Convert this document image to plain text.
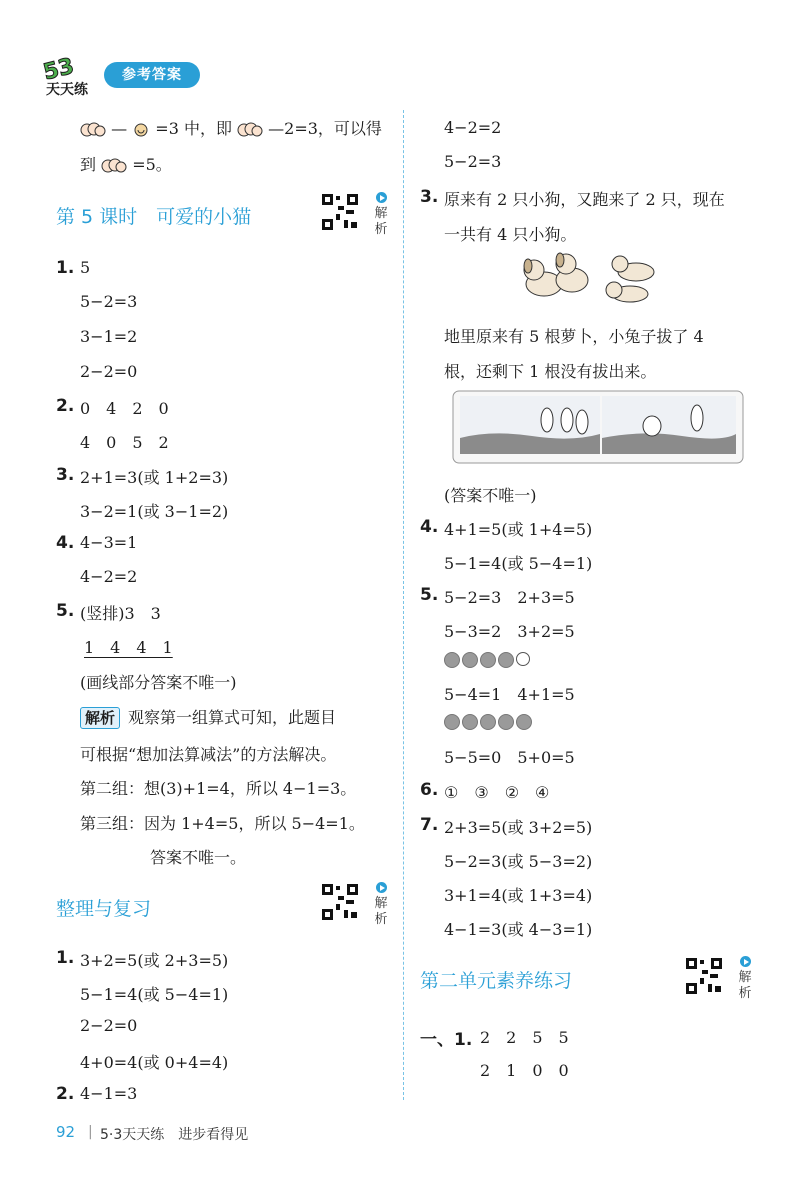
53
天天练
参考答案
— =3 中，即 —2=3，可以得
到 =5。
第 5 课时　可爱的小猫	解析
1. 5
5−2=3
3−1=2
2−2=0
2. 0　4　2　0
4　0　5　2
3. 2+1=3(或 1+2=3)
3−2=1(或 3−1=2)
4. 4−3=1
4−2=2
5. (竖排)3　3
1　4　4　1
(画线部分答案不唯一)
解析 观察第一组算式可知，此题目
可根据“想加法算减法”的方法解决。
第二组：想(3)+1=4，所以 4−1=3。
第三组：因为 1+4=5，所以 5−4=1。
答案不唯一。
整理与复习	解析
1. 3+2=5(或 2+3=5)
5−1=4(或 5−4=1)
2−2=0
4+0=4(或 0+4=4)
2. 4−1=3
4−2=2
5−2=3
3. 原来有 2 只小狗，又跑来了 2 只，现在
一共有 4 只小狗。
地里原来有 5 根萝卜，小兔子拔了 4
根，还剩下 1 根没有拔出来。
(答案不唯一)
4. 4+1=5(或 1+4=5)
5−1=4(或 5−4=1)
5. 5−2=3　2+3=5
5−3=2　3+2=5
5−4=1　4+1=5
5−5=0　5+0=5
6. ①　③　②　④
7. 2+3=5(或 3+2=5)
5−2=3(或 5−3=2)
3+1=4(或 1+3=4)
4−1=3(或 4−3=1)
第二单元素养练习	解析
一、1. 2　2　5　5
2　1　0　0
92 | 5·3天天练　进步看得见
